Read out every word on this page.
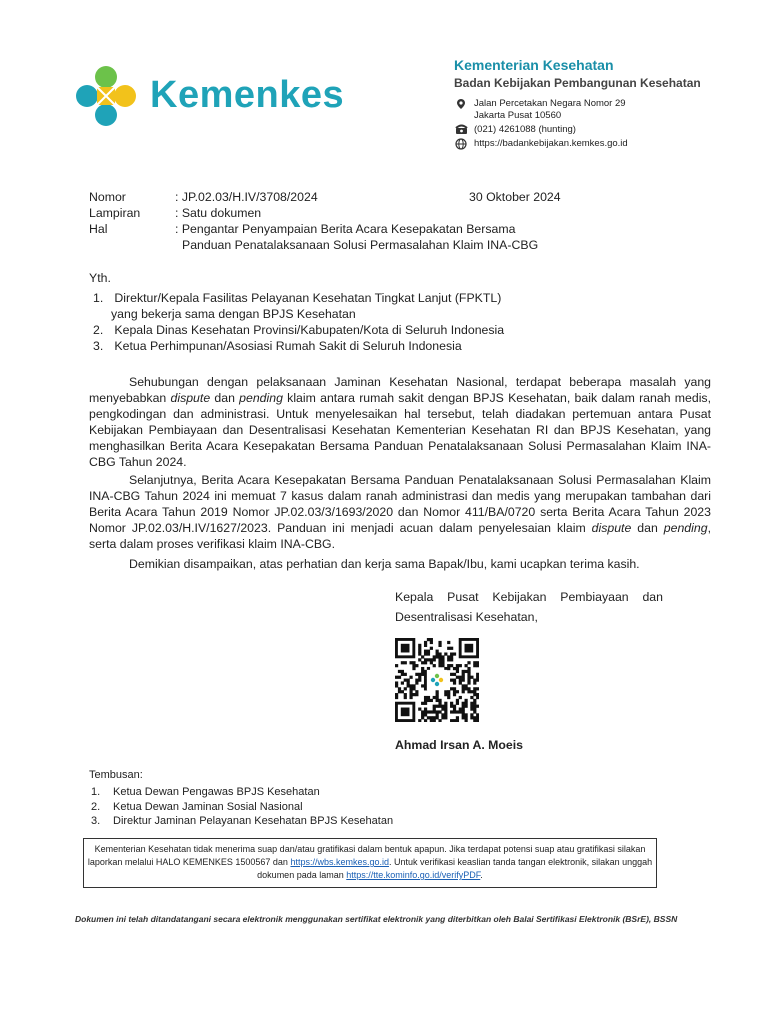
Kemenkes
Kementerian Kesehatan
Badan Kebijakan Pembangunan Kesehatan
Jalan Percetakan Negara Nomor 29
Jakarta Pusat 10560
(021) 4261088 (hunting)
https://badankebijakan.kemkes.go.id
Nomor	: JP.02.03/H.IV/3708/2024	30 Oktober 2024
Lampiran	: Satu dokumen
Hal	: Pengantar Penyampaian Berita Acara Kesepakatan Bersama
Panduan Penatalaksanaan Solusi Permasalahan Klaim INA-CBG
Yth.
1. Direktur/Kepala Fasilitas Pelayanan Kesehatan Tingkat Lanjut (FPKTL)
yang bekerja sama dengan BPJS Kesehatan
2. Kepala Dinas Kesehatan Provinsi/Kabupaten/Kota di Seluruh Indonesia
3. Ketua Perhimpunan/Asosiasi Rumah Sakit di Seluruh Indonesia
Sehubungan dengan pelaksanaan Jaminan Kesehatan Nasional, terdapat beberapa masalah yang menyebabkan dispute dan pending klaim antara rumah sakit dengan BPJS Kesehatan, baik dalam ranah medis, pengkodingan dan administrasi. Untuk menyelesaikan hal tersebut, telah diadakan pertemuan antara Pusat Kebijakan Pembiayaan dan Desentralisasi Kesehatan Kementerian Kesehatan RI dan BPJS Kesehatan, yang menghasilkan Berita Acara Kesepakatan Bersama Panduan Penatalaksanaan Solusi Permasalahan Klaim INA-CBG Tahun 2024.
Selanjutnya, Berita Acara Kesepakatan Bersama Panduan Penatalaksanaan Solusi Permasalahan Klaim INA-CBG Tahun 2024 ini memuat 7 kasus dalam ranah administrasi dan medis yang merupakan tambahan dari Berita Acara Tahun 2019 Nomor JP.02.03/3/1693/2020 dan Nomor 411/BA/0720 serta Berita Acara Tahun 2023 Nomor JP.02.03/H.IV/1627/2023. Panduan ini menjadi acuan dalam penyelesaian klaim dispute dan pending, serta dalam proses verifikasi klaim INA-CBG.
Demikian disampaikan, atas perhatian dan kerja sama Bapak/Ibu, kami ucapkan terima kasih.
Kepala Pusat Kebijakan Pembiayaan dan
Desentralisasi Kesehatan,
Ahmad Irsan A. Moeis
Tembusan:
1. Ketua Dewan Pengawas BPJS Kesehatan
2. Ketua Dewan Jaminan Sosial Nasional
3. Direktur Jaminan Pelayanan Kesehatan BPJS Kesehatan
Kementerian Kesehatan tidak menerima suap dan/atau gratifikasi dalam bentuk apapun. Jika terdapat potensi suap atau gratifikasi silakan laporkan melalui HALO KEMENKES 1500567 dan https://wbs.kemkes.go.id. Untuk verifikasi keaslian tanda tangan elektronik, silakan unggah dokumen pada laman https://tte.kominfo.go.id/verifyPDF.
Dokumen ini telah ditandatangani secara elektronik menggunakan sertifikat elektronik yang diterbitkan oleh Balai Sertifikasi Elektronik (BSrE), BSSN
